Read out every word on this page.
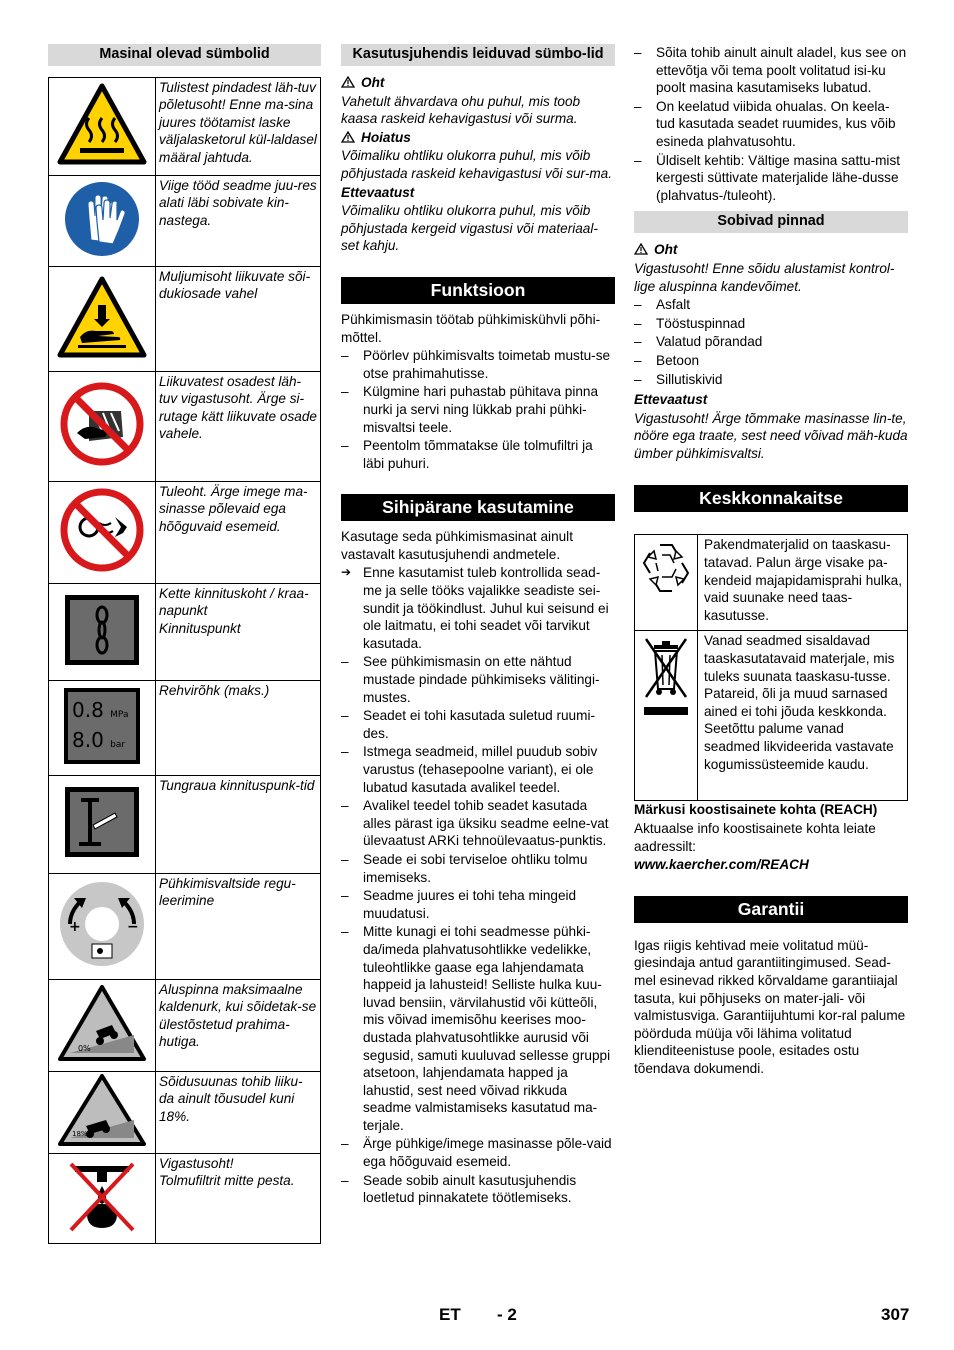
Masinal olevad sümbolid
	Tulistest pindadest läh-tuv põletusoht! Enne ma-sina juures töötamist laske väljalasketorul kül-laldasel määral jahtuda.
	Viige tööd seadme juu-res alati läbi sobivate kin-nastega.
	Muljumisoht liikuvate sõi-dukiosade vahel
	Liikuvatest osadest läh-tuv vigastusoht. Ärge si-rutage kätt liikuvate osade vahele.
	Tuleoht. Ärge imege ma-sinasse põlevaid ega hõõguvaid esemeid.
	Kette kinnituskoht / kraa-napunkt
Kinnituspunkt

0.8 MPa
8.0 bar	Rehvirõhk (maks.)
	Tungraua kinnituspunk-tid

+ −	Pühkimisvaltside regu-leerimine

0%	Aluspinna maksimaalne kaldenurk, kui sõidetak-se ülestõstetud prahima-hutiga.

18%	Sõidusuunas tohib liiku-da ainult tõusudel kuni 18%.
	Vigastusoht!
Tolmufiltrit mitte pesta.
Kasutusjuhendis leiduvad sümbo-lid

Oht

Vahetult ähvardava ohu puhul, mis toob kaasa raskeid kehavigastusi või surma.

Hoiatus

Võimaliku ohtliku olukorra puhul, mis võib põhjustada raskeid kehavigastusi või sur-ma.

Ettevaatust

Võimaliku ohtliku olukorra puhul, mis võib põhjustada kergeid vigastusi või materiaal-set kahju.

Funktsioon

Pühkimismasin töötab pühkimiskühvli põhi-mõttel.

– Pöörlev pühkimisvalts toimetab mustu-se otse prahimahutisse.
– Külgmine hari puhastab pühitava pinna nurki ja servi ning lükkab prahi pühki-misvaltsi teele.
– Peentolm tõmmatakse üle tolmufiltri ja läbi puhuri.
Sihipärane kasutamine

Kasutage seda pühkimismasinat ainult vastavalt kasutusjuhendi andmetele.

➔ Enne kasutamist tuleb kontrollida sead-me ja selle tööks vajalikke seadiste sei-sundit ja töökindlust. Juhul kui seisund ei ole laitmatu, ei tohi seadet või tarvikut kasutada.
– See pühkimismasin on ette nähtud mustade pindade pühkimiseks välitingi-mustes.
– Seadet ei tohi kasutada suletud ruumi-des.
– Istmega seadmeid, millel puudub sobiv varustus (tehasepoolne variant), ei ole lubatud kasutada avalikel teedel.
– Avalikel teedel tohib seadet kasutada alles pärast iga üksiku seadme eelne-vat ülevaatust ARKi tehnoülevaatus-punktis.
– Seade ei sobi terviseloe ohtliku tolmu imemiseks.
– Seadme juures ei tohi teha mingeid muudatusi.
– Mitte kunagi ei tohi seadmesse pühki-da/imeda plahvatusohtlikke vedelikke, tuleohtlikke gaase ega lahjendamata happeid ja lahusteid! Selliste hulka kuu-luvad bensiin, värvilahustid või kütteõli, mis võivad imemisõhu keerises moo-dustada plahvatusohtlikke aurusid või segusid, samuti kuuluvad sellesse gruppi atsetoon, lahjendamata happed ja lahustid, sest need võivad rikkuda seadme valmistamiseks kasutatud ma-terjale.
– Ärge pühkige/imege masinasse põle-vaid ega hõõguvaid esemeid.
– Seade sobib ainult kasutusjuhendis loetletud pinnakatete töötlemiseks.
– Sõita tohib ainult ainult aladel, kus see on ettevõtja või tema poolt volitatud isi-ku poolt masina kasutamiseks lubatud.
– On keelatud viibida ohualas. On keela-tud kasutada seadet ruumides, kus võib esineda plahvatusohtu.
– Üldiselt kehtib: Vältige masina sattu-mist kergesti süttivate materjalide lähe-dusse (plahvatus-/tuleoht).
Sobivad pinnad

Oht

Vigastusoht! Enne sõidu alustamist kontrol-lige aluspinna kandevõimet.

– Asfalt
– Tööstuspinnad
– Valatud põrandad
– Betoon
– Sillutiskivid

Ettevaatust

Vigastusoht! Ärge tõmmake masinasse lin-te, nööre ega traate, sest need võivad mäh-kuda ümber pühkimisvaltsi.

Keskkonnakaitse
	Pakendmaterjalid on taaskasu-tatavad. Palun ärge visake pa-kendeid majapidamisprahi hulka, vaid suunake need taas-kasutusse.
	Vanad seadmed sisaldavad taaskasutatavaid materjale, mis tuleks suunata taaskasu-tusse. Patareid, õli ja muud sarnased ained ei tohi jõuda keskkonda. Seetõttu palume vanad seadmed likvideerida vastavate kogumissüsteemide kaudu.

Märkusi koostisainete kohta (REACH)

Aktuaalse info koostisainete kohta leiate aadressilt:

www.kaercher.com/REACH

Garantii

Igas riigis kehtivad meie volitatud müü-giesindaja antud garantiitingimused. Sead-mel esinevad rikked kõrvaldame garantiiajal tasuta, kui põhjuseks on mater-jali- või valmistusviga. Garantiijuhtumi kor-ral palume pöörduda müüja või lähima volitatud klienditeenistuse poole, esitades ostu tõendava dokumendi.

ET - 2	307
